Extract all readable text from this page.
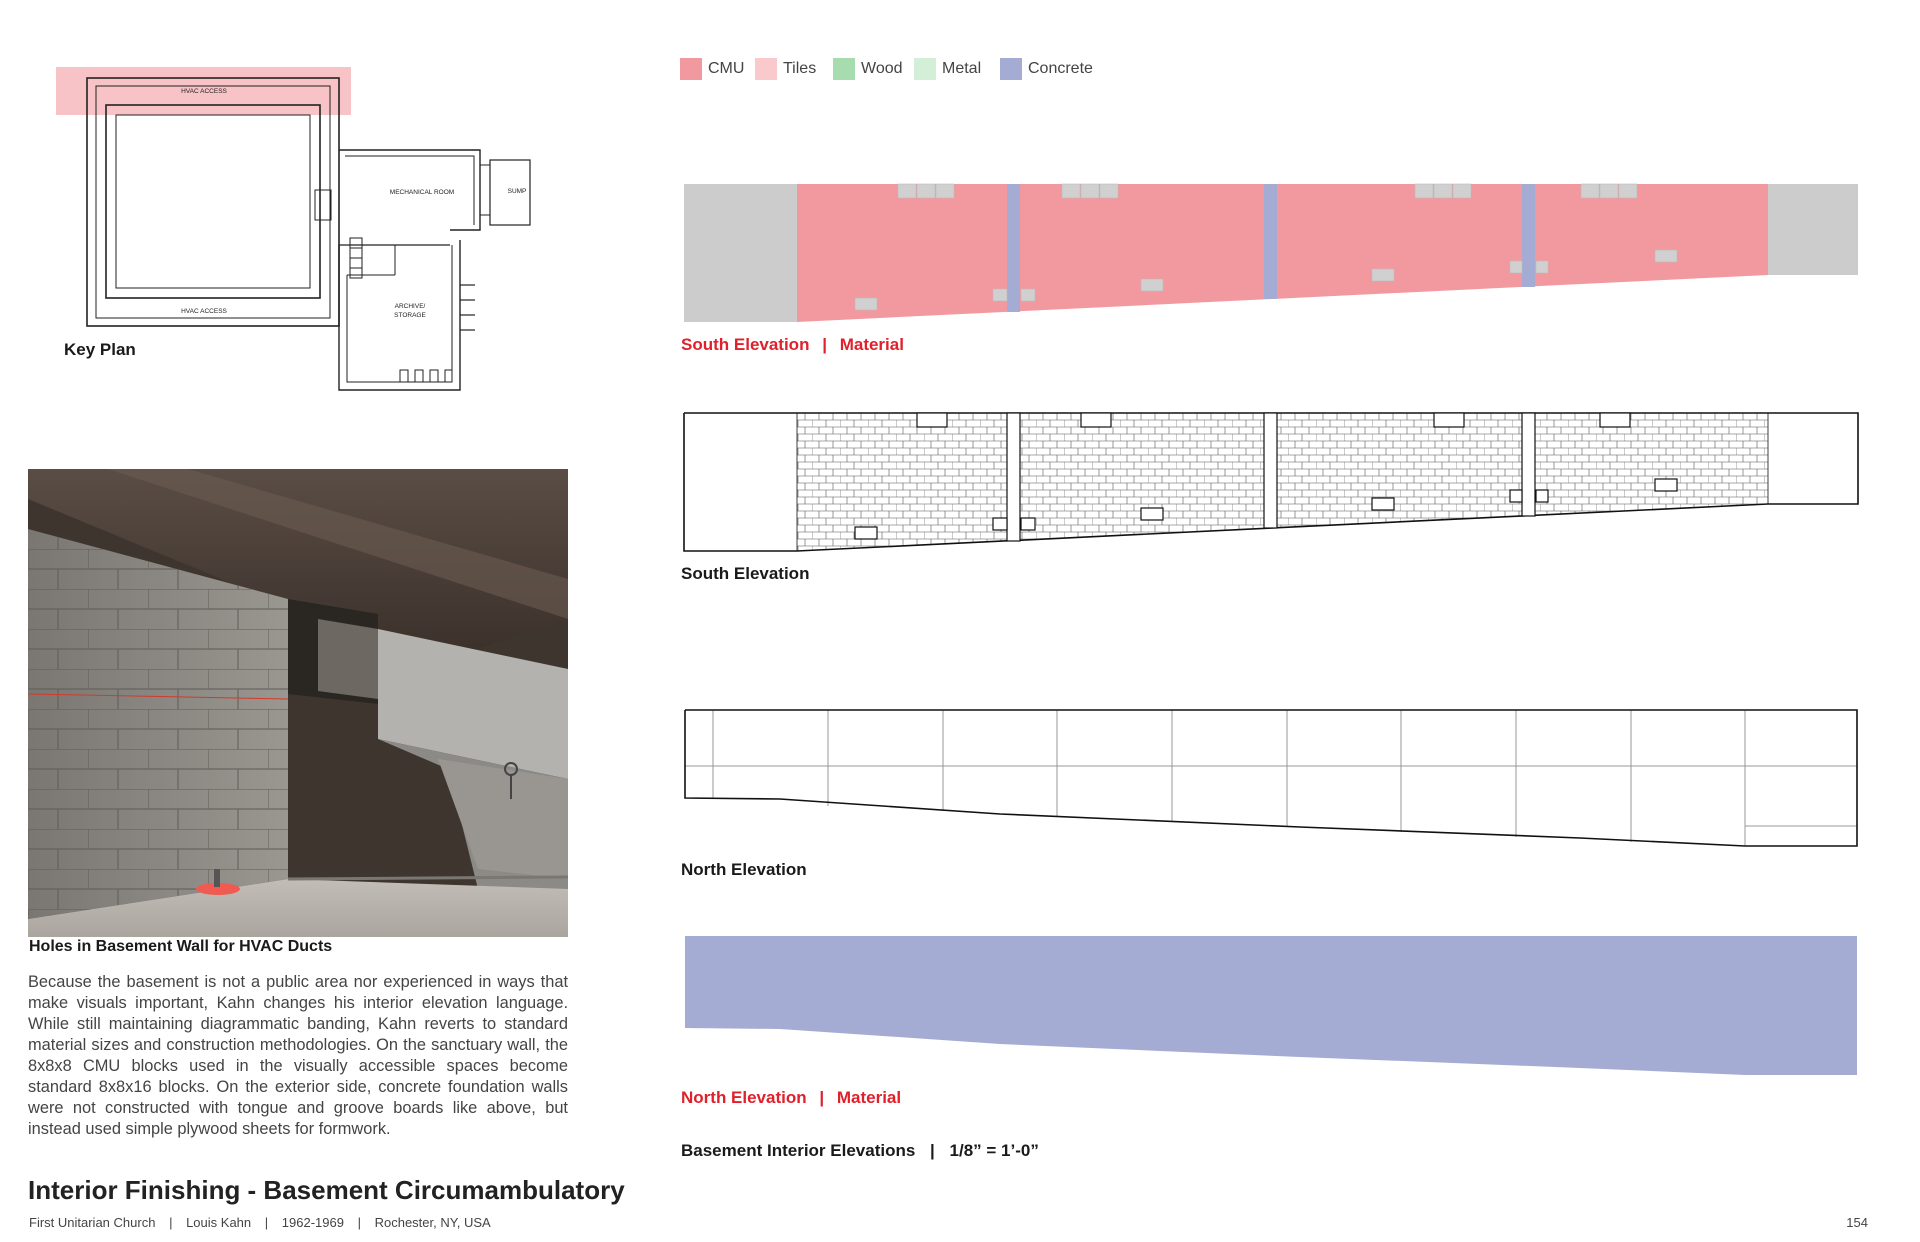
HVAC ACCESS
HVAC ACCESS
MECHANICAL ROOM	SUMP
ARCHIVE/
STORAGE
Key Plan
CMU Tiles	Wood Metal	Concrete
South Elevation | Material
South Elevation
North Elevation
North Elevation | Material
Basement Interior Elevations | 1/8” = 1’-0”
Holes in Basement Wall for HVAC Ducts
Because the basement is not a public area nor experienced in ways that make visuals important, Kahn changes his interior elevation language. While still maintaining diagrammatic banding, Kahn reverts to standard material sizes and construction methodologies. On the sanctuary wall, the 8x8x8 CMU blocks used in the visually accessible spaces become standard 8x8x16 blocks. On the exterior side, concrete foundation walls were not constructed with tongue and groove boards like above, but instead used simple plywood sheets for formwork.
Interior Finishing - Basement Circumambulatory
First Unitarian Church | Louis Kahn | 1962-1969 | Rochester, NY, USA	154
